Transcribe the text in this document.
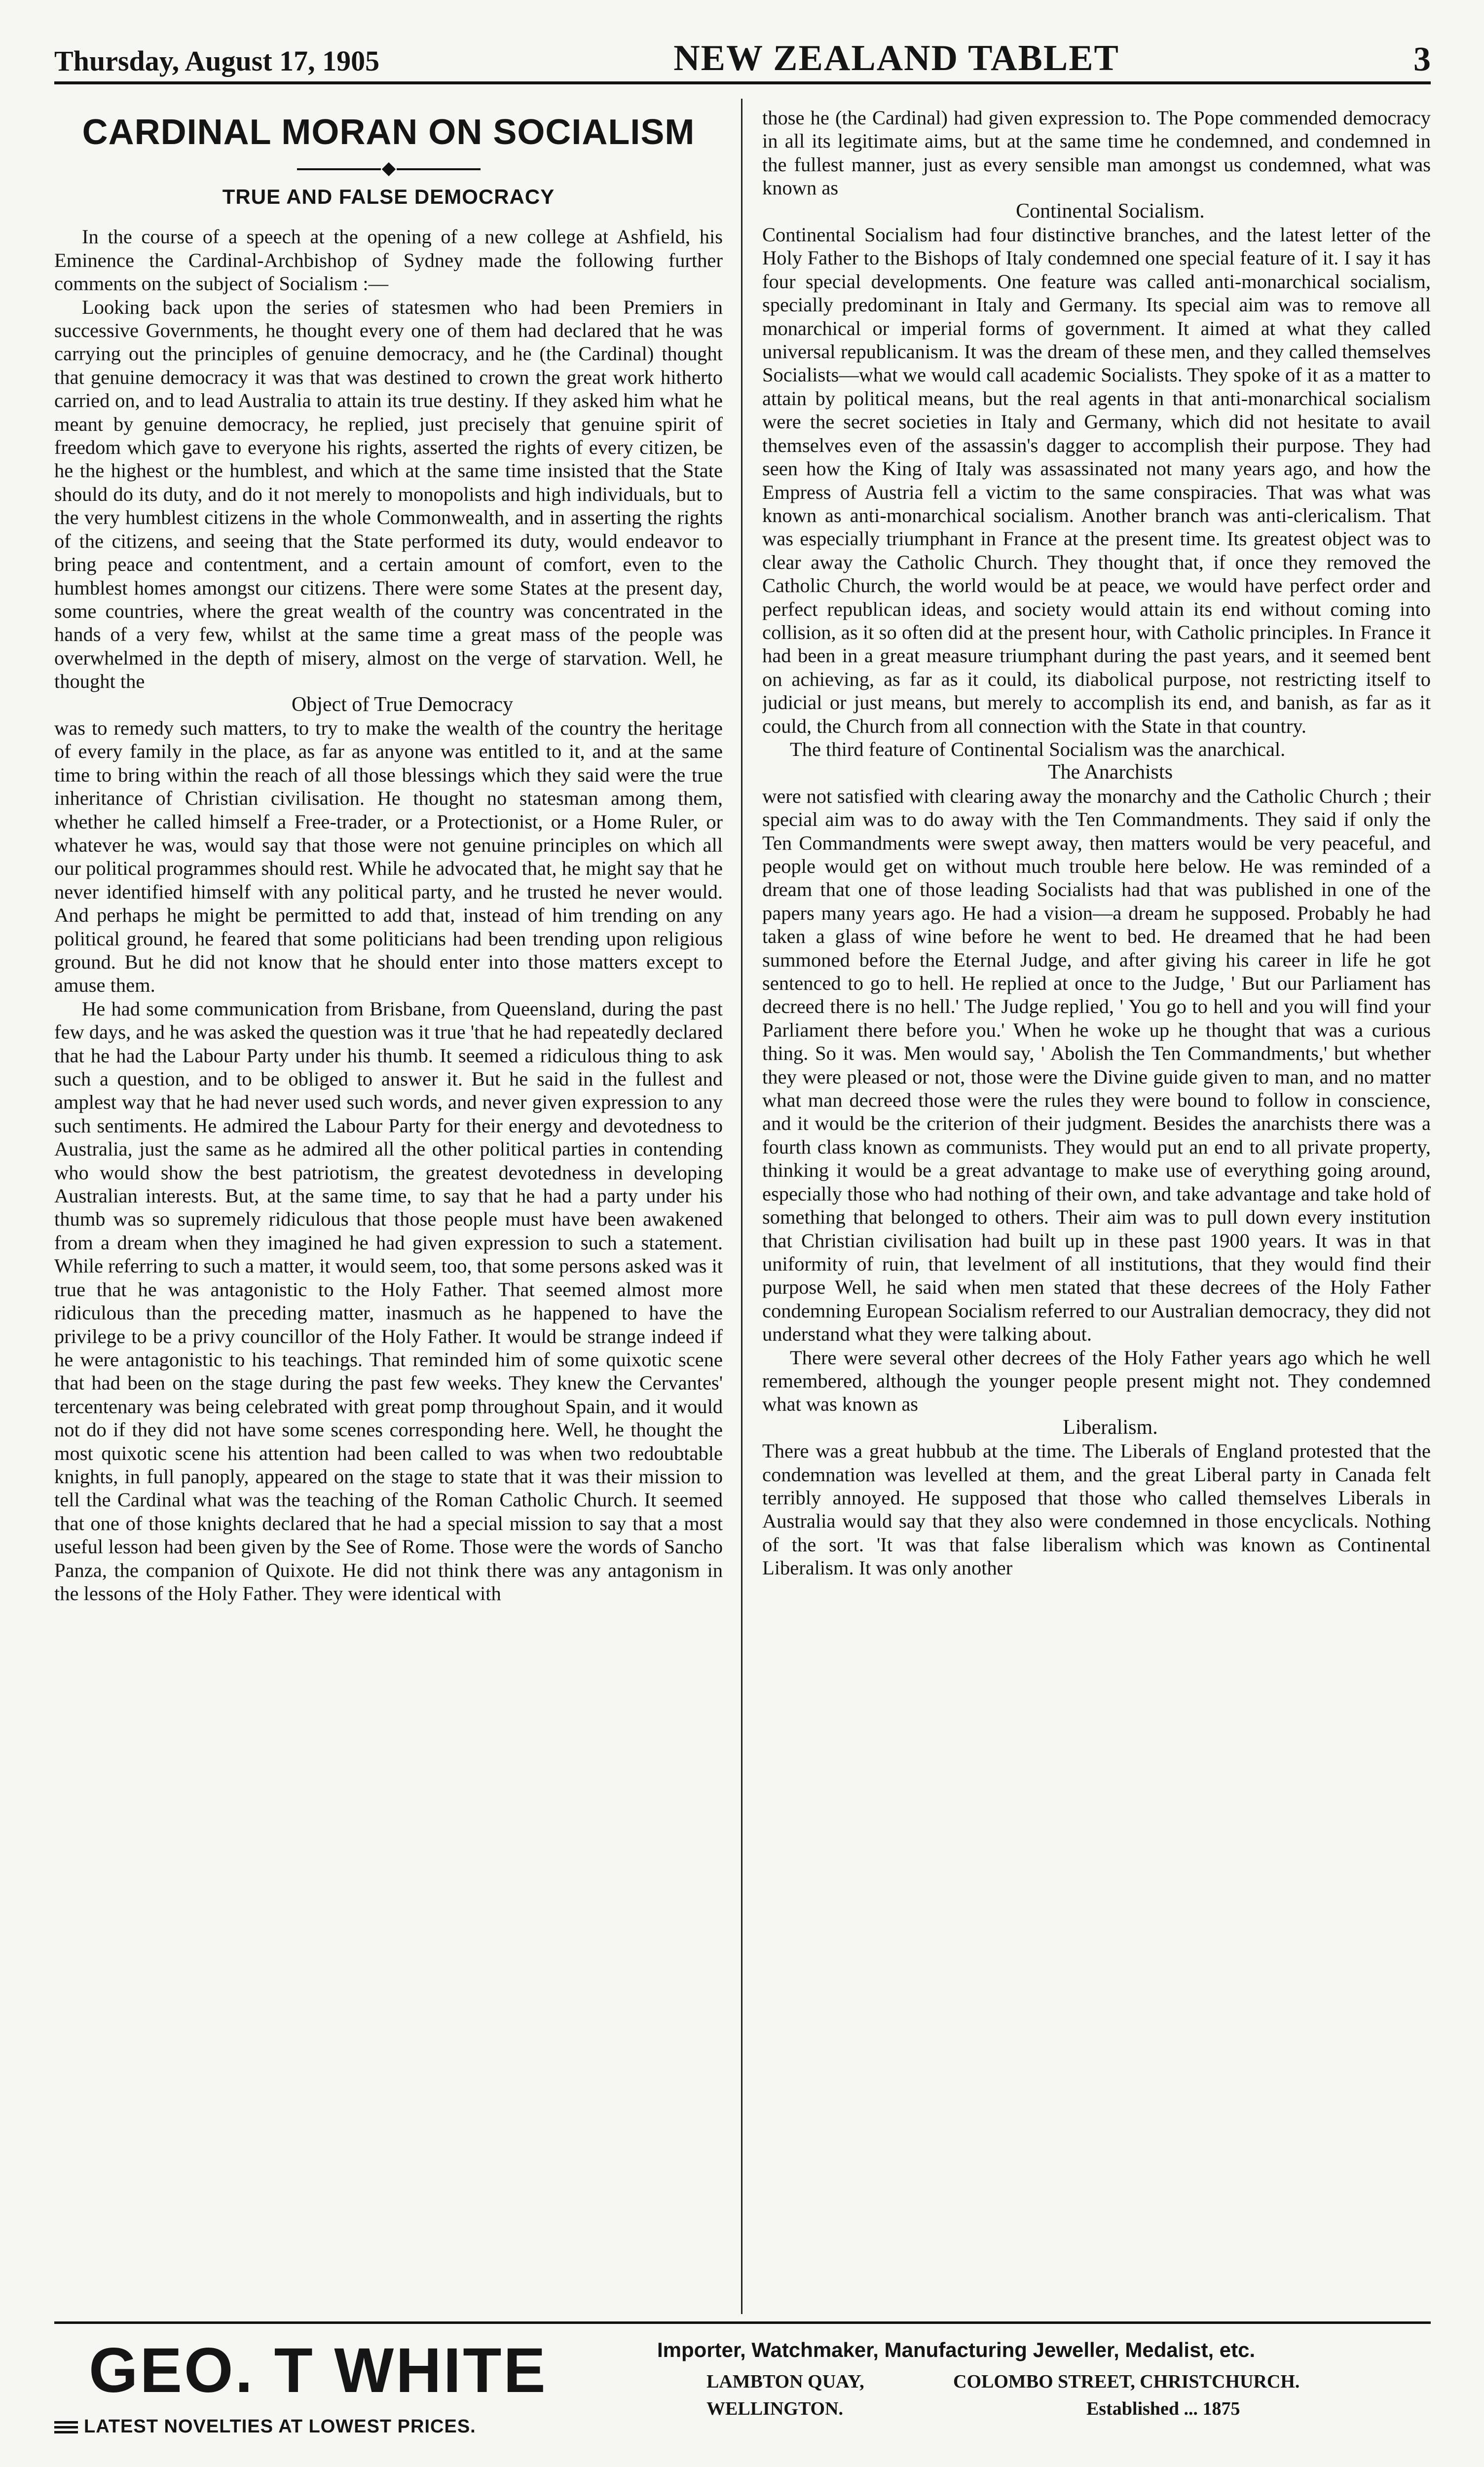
Thursday, August 17, 1905	NEW ZEALAND TABLET	3
CARDINAL MORAN ON SOCIALISM
TRUE AND FALSE DEMOCRACY

In the course of a speech at the opening of a new college at Ashfield, his Eminence the Cardinal-Archbishop of Sydney made the following further comments on the subject of Socialism :—

Looking back upon the series of statesmen who had been Premiers in successive Governments, he thought every one of them had declared that he was carrying out the principles of genuine democracy, and he (the Cardinal) thought that genuine democracy it was that was destined to crown the great work hitherto carried on, and to lead Australia to attain its true destiny. If they asked him what he meant by genuine democracy, he replied, just precisely that genuine spirit of freedom which gave to everyone his rights, asserted the rights of every citizen, be he the highest or the humblest, and which at the same time insisted that the State should do its duty, and do it not merely to monopolists and high individuals, but to the very humblest citizens in the whole Commonwealth, and in asserting the rights of the citizens, and seeing that the State performed its duty, would endeavor to bring peace and contentment, and a certain amount of comfort, even to the humblest homes amongst our citizens. There were some States at the present day, some countries, where the great wealth of the country was concentrated in the hands of a very few, whilst at the same time a great mass of the people was overwhelmed in the depth of misery, almost on the verge of starvation. Well, he thought the

Object of True Democracy

was to remedy such matters, to try to make the wealth of the country the heritage of every family in the place, as far as anyone was entitled to it, and at the same time to bring within the reach of all those blessings which they said were the true inheritance of Christian civilisation. He thought no statesman among them, whether he called himself a Free-trader, or a Protectionist, or a Home Ruler, or whatever he was, would say that those were not genuine principles on which all our political programmes should rest. While he advocated that, he might say that he never identified himself with any political party, and he trusted he never would. And perhaps he might be permitted to add that, instead of him trending on any political ground, he feared that some politicians had been trending upon religious ground. But he did not know that he should enter into those matters except to amuse them.

He had some communication from Brisbane, from Queensland, during the past few days, and he was asked the question was it true 'that he had repeatedly declared that he had the Labour Party under his thumb. It seemed a ridiculous thing to ask such a question, and to be obliged to answer it. But he said in the fullest and amplest way that he had never used such words, and never given expression to any such sentiments. He admired the Labour Party for their energy and devotedness to Australia, just the same as he admired all the other political parties in contending who would show the best patriotism, the greatest devotedness in developing Australian interests. But, at the same time, to say that he had a party under his thumb was so supremely ridiculous that those people must have been awakened from a dream when they imagined he had given expression to such a statement. While referring to such a matter, it would seem, too, that some persons asked was it true that he was antagonistic to the Holy Father. That seemed almost more ridiculous than the preceding matter, inasmuch as he happened to have the privilege to be a privy councillor of the Holy Father. It would be strange indeed if he were antagonistic to his teachings. That reminded him of some quixotic scene that had been on the stage during the past few weeks. They knew the Cervantes' tercentenary was being celebrated with great pomp throughout Spain, and it would not do if they did not have some scenes corresponding here. Well, he thought the most quixotic scene his attention had been called to was when two redoubtable knights, in full panoply, appeared on the stage to state that it was their mission to tell the Cardinal what was the teaching of the Roman Catholic Church. It seemed that one of those knights declared that he had a special mission to say that a most useful lesson had been given by the See of Rome. Those were the words of Sancho Panza, the companion of Quixote. He did not think there was any antagonism in the lessons of the Holy Father. They were identical with

those he (the Cardinal) had given expression to. The Pope commended democracy in all its legitimate aims, but at the same time he condemned, and condemned in the fullest manner, just as every sensible man amongst us condemned, what was known as

Continental Socialism.

Continental Socialism had four distinctive branches, and the latest letter of the Holy Father to the Bishops of Italy condemned one special feature of it. I say it has four special developments. One feature was called anti-monarchical socialism, specially predominant in Italy and Germany. Its special aim was to remove all monarchical or imperial forms of government. It aimed at what they called universal republicanism. It was the dream of these men, and they called themselves Socialists—what we would call academic Socialists. They spoke of it as a matter to attain by political means, but the real agents in that anti-monarchical socialism were the secret societies in Italy and Germany, which did not hesitate to avail themselves even of the assassin's dagger to accomplish their purpose. They had seen how the King of Italy was assassinated not many years ago, and how the Empress of Austria fell a victim to the same conspiracies. That was what was known as anti-monarchical socialism. Another branch was anti-clericalism. That was especially triumphant in France at the present time. Its greatest object was to clear away the Catholic Church. They thought that, if once they removed the Catholic Church, the world would be at peace, we would have perfect order and perfect republican ideas, and society would attain its end without coming into collision, as it so often did at the present hour, with Catholic principles. In France it had been in a great measure triumphant during the past years, and it seemed bent on achieving, as far as it could, its diabolical purpose, not restricting itself to judicial or just means, but merely to accomplish its end, and banish, as far as it could, the Church from all connection with the State in that country.

The third feature of Continental Socialism was the anarchical.

The Anarchists

were not satisfied with clearing away the monarchy and the Catholic Church ; their special aim was to do away with the Ten Commandments. They said if only the Ten Commandments were swept away, then matters would be very peaceful, and people would get on without much trouble here below. He was reminded of a dream that one of those leading Socialists had that was published in one of the papers many years ago. He had a vision—a dream he supposed. Probably he had taken a glass of wine before he went to bed. He dreamed that he had been summoned before the Eternal Judge, and after giving his career in life he got sentenced to go to hell. He replied at once to the Judge, ' But our Parliament has decreed there is no hell.' The Judge replied, ' You go to hell and you will find your Parliament there before you.' When he woke up he thought that was a curious thing. So it was. Men would say, ' Abolish the Ten Commandments,' but whether they were pleased or not, those were the Divine guide given to man, and no matter what man decreed those were the rules they were bound to follow in conscience, and it would be the criterion of their judgment. Besides the anarchists there was a fourth class known as communists. They would put an end to all private property, thinking it would be a great advantage to make use of everything going around, especially those who had nothing of their own, and take advantage and take hold of something that belonged to others. Their aim was to pull down every institution that Christian civilisation had built up in these past 1900 years. It was in that uniformity of ruin, that levelment of all institutions, that they would find their purpose Well, he said when men stated that these decrees of the Holy Father condemning European Socialism referred to our Australian democracy, they did not understand what they were talking about.

There were several other decrees of the Holy Father years ago which he well remembered, although the younger people present might not. They condemned what was known as

Liberalism.

There was a great hubbub at the time. The Liberals of England protested that the condemnation was levelled at them, and the great Liberal party in Canada felt terribly annoyed. He supposed that those who called themselves Liberals in Australia would say that they also were condemned in those encyclicals. Nothing of the sort. 'It was that false liberalism which was known as Continental Liberalism. It was only another

GEO. T WHITE
LATEST NOVELTIES AT LOWEST PRICES.
Importer, Watchmaker, Manufacturing Jeweller, Medalist, etc.
LAMBTON QUAY,	COLOMBO STREET, CHRISTCHURCH.
WELLINGTON.	Established ... 1875
